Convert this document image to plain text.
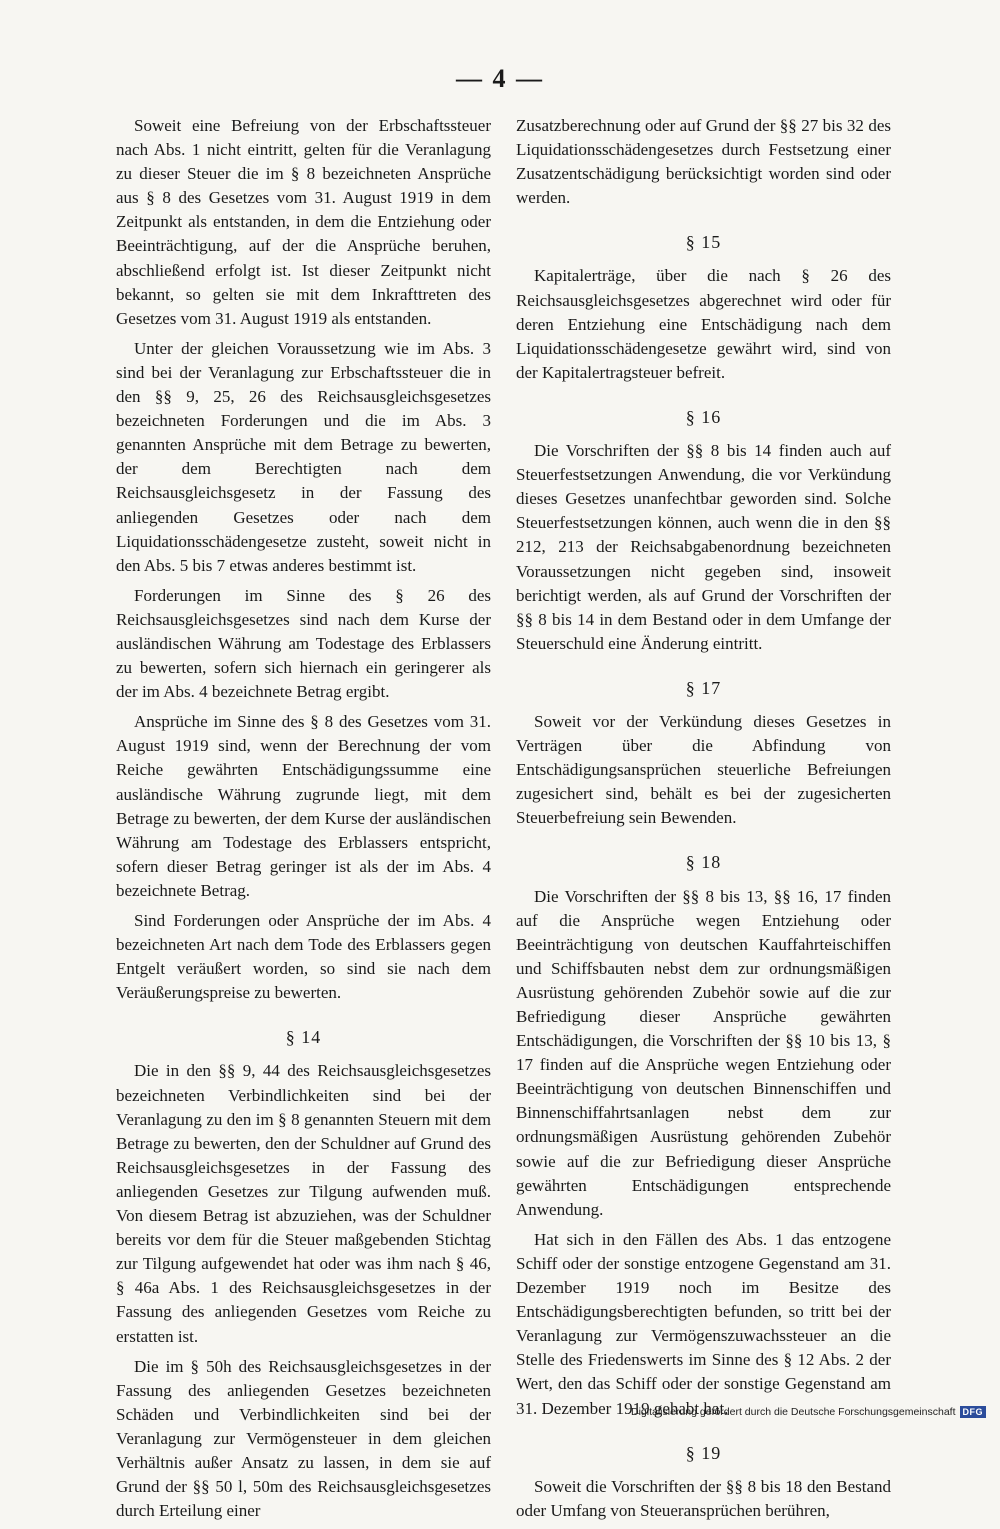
— 4 —

Soweit eine Befreiung von der Erbschaftssteuer nach Abs. 1 nicht eintritt, gelten für die Veranlagung zu dieser Steuer die im § 8 bezeichneten Ansprüche aus § 8 des Gesetzes vom 31. August 1919 in dem Zeitpunkt als entstanden, in dem die Entziehung oder Beeinträchtigung, auf der die Ansprüche beruhen, abschließend erfolgt ist. Ist dieser Zeitpunkt nicht bekannt, so gelten sie mit dem Inkrafttreten des Gesetzes vom 31. August 1919 als entstanden.

Unter der gleichen Voraussetzung wie im Abs. 3 sind bei der Veranlagung zur Erbschaftssteuer die in den §§ 9, 25, 26 des Reichsausgleichsgesetzes bezeichneten Forderungen und die im Abs. 3 genannten Ansprüche mit dem Betrage zu bewerten, der dem Berechtigten nach dem Reichsausgleichsgesetz in der Fassung des anliegenden Gesetzes oder nach dem Liquidationsschädengesetze zusteht, soweit nicht in den Abs. 5 bis 7 etwas anderes bestimmt ist.

Forderungen im Sinne des § 26 des Reichsausgleichsgesetzes sind nach dem Kurse der ausländischen Währung am Todestage des Erblassers zu bewerten, sofern sich hiernach ein geringerer als der im Abs. 4 bezeichnete Betrag ergibt.

Ansprüche im Sinne des § 8 des Gesetzes vom 31. August 1919 sind, wenn der Berechnung der vom Reiche gewährten Entschädigungssumme eine ausländische Währung zugrunde liegt, mit dem Betrage zu bewerten, der dem Kurse der ausländischen Währung am Todestage des Erblassers entspricht, sofern dieser Betrag geringer ist als der im Abs. 4 bezeichnete Betrag.

Sind Forderungen oder Ansprüche der im Abs. 4 bezeichneten Art nach dem Tode des Erblassers gegen Entgelt veräußert worden, so sind sie nach dem Veräußerungspreise zu bewerten.

§ 14

Die in den §§ 9, 44 des Reichsausgleichsgesetzes bezeichneten Verbindlichkeiten sind bei der Veranlagung zu den im § 8 genannten Steuern mit dem Betrage zu bewerten, den der Schuldner auf Grund des Reichsausgleichsgesetzes in der Fassung des anliegenden Gesetzes zur Tilgung aufwenden muß. Von diesem Betrag ist abzuziehen, was der Schuldner bereits vor dem für die Steuer maßgebenden Stichtag zur Tilgung aufgewendet hat oder was ihm nach § 46, § 46a Abs. 1 des Reichsausgleichsgesetzes in der Fassung des anliegenden Gesetzes vom Reiche zu erstatten ist.

Die im § 50h des Reichsausgleichsgesetzes in der Fassung des anliegenden Gesetzes bezeichneten Schäden und Verbindlichkeiten sind bei der Veranlagung zur Vermögensteuer in dem gleichen Verhältnis außer Ansatz zu lassen, in dem sie auf Grund der §§ 50 l, 50m des Reichsausgleichsgesetzes durch Erteilung einer

Zusatzberechnung oder auf Grund der §§ 27 bis 32 des Liquidationsschädengesetzes durch Festsetzung einer Zusatzentschädigung berücksichtigt worden sind oder werden.

§ 15

Kapitalerträge, über die nach § 26 des Reichsausgleichsgesetzes abgerechnet wird oder für deren Entziehung eine Entschädigung nach dem Liquidationsschädengesetze gewährt wird, sind von der Kapitalertragsteuer befreit.

§ 16

Die Vorschriften der §§ 8 bis 14 finden auch auf Steuerfestsetzungen Anwendung, die vor Verkündung dieses Gesetzes unanfechtbar geworden sind. Solche Steuerfestsetzungen können, auch wenn die in den §§ 212, 213 der Reichsabgabenordnung bezeichneten Voraussetzungen nicht gegeben sind, insoweit berichtigt werden, als auf Grund der Vorschriften der §§ 8 bis 14 in dem Bestand oder in dem Umfange der Steuerschuld eine Änderung eintritt.

§ 17

Soweit vor der Verkündung dieses Gesetzes in Verträgen über die Abfindung von Entschädigungsansprüchen steuerliche Befreiungen zugesichert sind, behält es bei der zugesicherten Steuerbefreiung sein Bewenden.

§ 18

Die Vorschriften der §§ 8 bis 13, §§ 16, 17 finden auf die Ansprüche wegen Entziehung oder Beeinträchtigung von deutschen Kauffahrteischiffen und Schiffsbauten nebst dem zur ordnungsmäßigen Ausrüstung gehörenden Zubehör sowie auf die zur Befriedigung dieser Ansprüche gewährten Entschädigungen, die Vorschriften der §§ 10 bis 13, § 17 finden auf die Ansprüche wegen Entziehung oder Beeinträchtigung von deutschen Binnenschiffen und Binnenschiffahrtsanlagen nebst dem zur ordnungsmäßigen Ausrüstung gehörenden Zubehör sowie auf die zur Befriedigung dieser Ansprüche gewährten Entschädigungen entsprechende Anwendung.

Hat sich in den Fällen des Abs. 1 das entzogene Schiff oder der sonstige entzogene Gegenstand am 31. Dezember 1919 noch im Besitze des Entschädigungsberechtigten befunden, so tritt bei der Veranlagung zur Vermögenszuwachssteuer an die Stelle des Friedenswerts im Sinne des § 12 Abs. 2 der Wert, den das Schiff oder der sonstige Gegenstand am 31. Dezember 1919 gehabt hat.

§ 19

Soweit die Vorschriften der §§ 8 bis 18 den Bestand oder Umfang von Steueransprüchen berühren,

Digitalisierung gefördert durch die Deutsche Forschungsgemeinschaft DFG
